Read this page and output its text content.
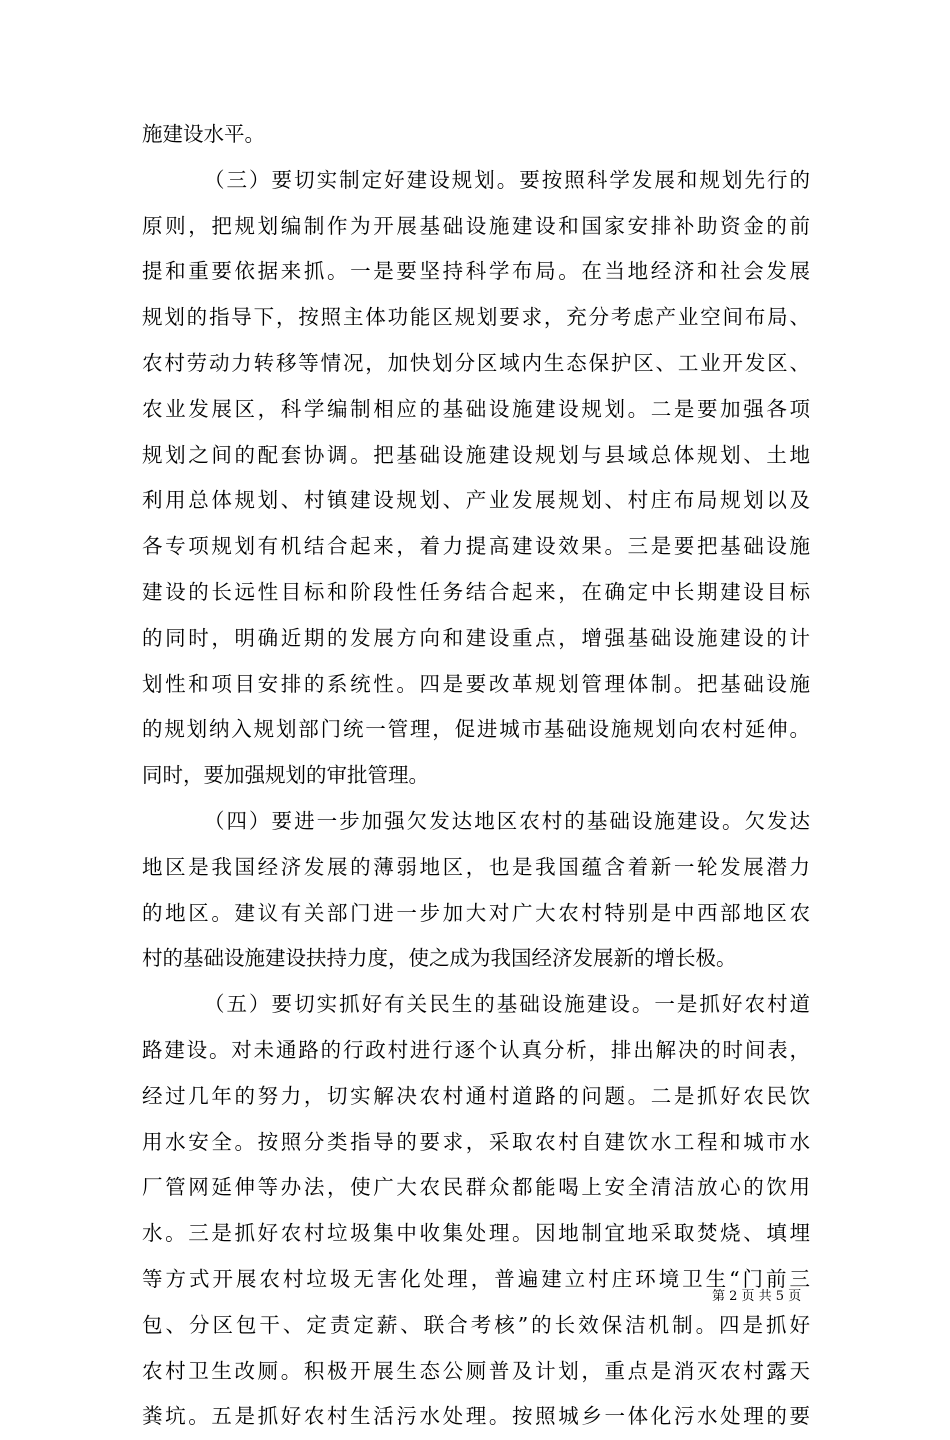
施建设水平。
（三）要切实制定好建设规划。要按照科学发展和规划先行的
原则，把规划编制作为开展基础设施建设和国家安排补助资金的前
提和重要依据来抓。一是要坚持科学布局。在当地经济和社会发展
规划的指导下，按照主体功能区规划要求，充分考虑产业空间布局、
农村劳动力转移等情况，加快划分区域内生态保护区、工业开发区、
农业发展区，科学编制相应的基础设施建设规划。二是要加强各项
规划之间的配套协调。把基础设施建设规划与县域总体规划、土地
利用总体规划、村镇建设规划、产业发展规划、村庄布局规划以及
各专项规划有机结合起来，着力提高建设效果。三是要把基础设施
建设的长远性目标和阶段性任务结合起来，在确定中长期建设目标
的同时，明确近期的发展方向和建设重点，增强基础设施建设的计
划性和项目安排的系统性。四是要改革规划管理体制。把基础设施
的规划纳入规划部门统一管理，促进城市基础设施规划向农村延伸。
同时，要加强规划的审批管理。
（四）要进一步加强欠发达地区农村的基础设施建设。欠发达
地区是我国经济发展的薄弱地区，也是我国蕴含着新一轮发展潜力
的地区。建议有关部门进一步加大对广大农村特别是中西部地区农
村的基础设施建设扶持力度，使之成为我国经济发展新的增长极。
（五）要切实抓好有关民生的基础设施建设。一是抓好农村道
路建设。对未通路的行政村进行逐个认真分析，排出解决的时间表，
经过几年的努力，切实解决农村通村道路的问题。二是抓好农民饮
用水安全。按照分类指导的要求，采取农村自建饮水工程和城市水
厂管网延伸等办法，使广大农民群众都能喝上安全清洁放心的饮用
水。三是抓好农村垃圾集中收集处理。因地制宜地采取焚烧、填埋
等方式开展农村垃圾无害化处理，普遍建立村庄环境卫生“门前三
包、分区包干、定责定薪、联合考核”的长效保洁机制。四是抓好
农村卫生改厕。积极开展生态公厕普及计划，重点是消灭农村露天
粪坑。五是抓好农村生活污水处理。按照城乡一体化污水处理的要
第 2 页 共 5 页
